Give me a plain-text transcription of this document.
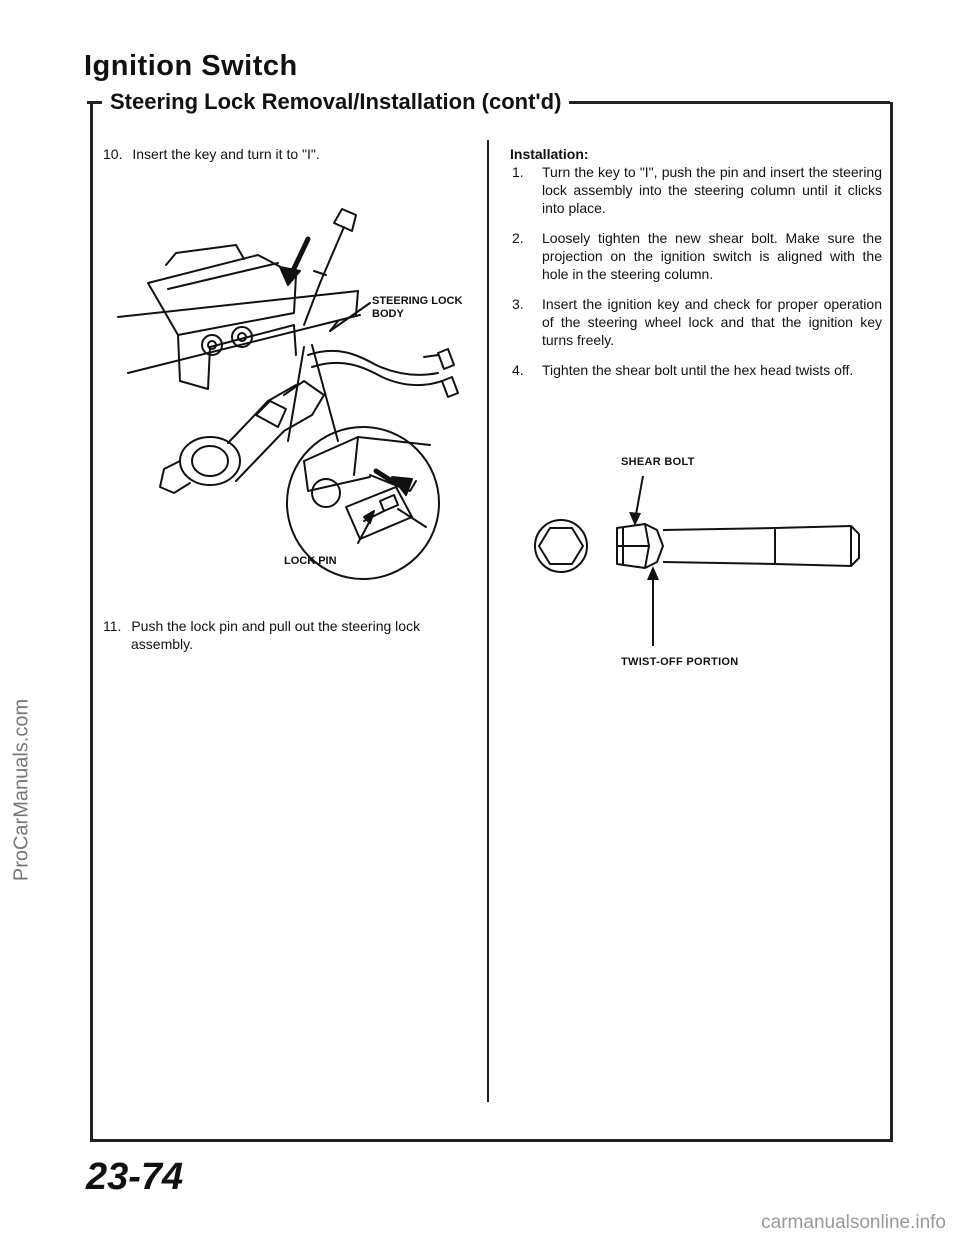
Ignition Switch
Steering Lock Removal/Installation (cont'd)
10. Insert the key and turn it to "I".
STEERING LOCK
BODY
LOCK PIN
11. Push the lock pin and pull out the steering lock
assembly.
Installation:
1.	Turn the key to "I", push the pin and insert the steering lock assembly into the steering column until it clicks into place.
2.	Loosely tighten the new shear bolt. Make sure the projection on the ignition switch is aligned with the hole in the steering column.
3.	Insert the ignition key and check for proper operation of the steering wheel lock and that the ignition key turns freely.
4.	Tighten the shear bolt until the hex head twists off.
SHEAR BOLT
TWIST-OFF PORTION
23-74
ProCarManuals.com
carmanualsonline.info
